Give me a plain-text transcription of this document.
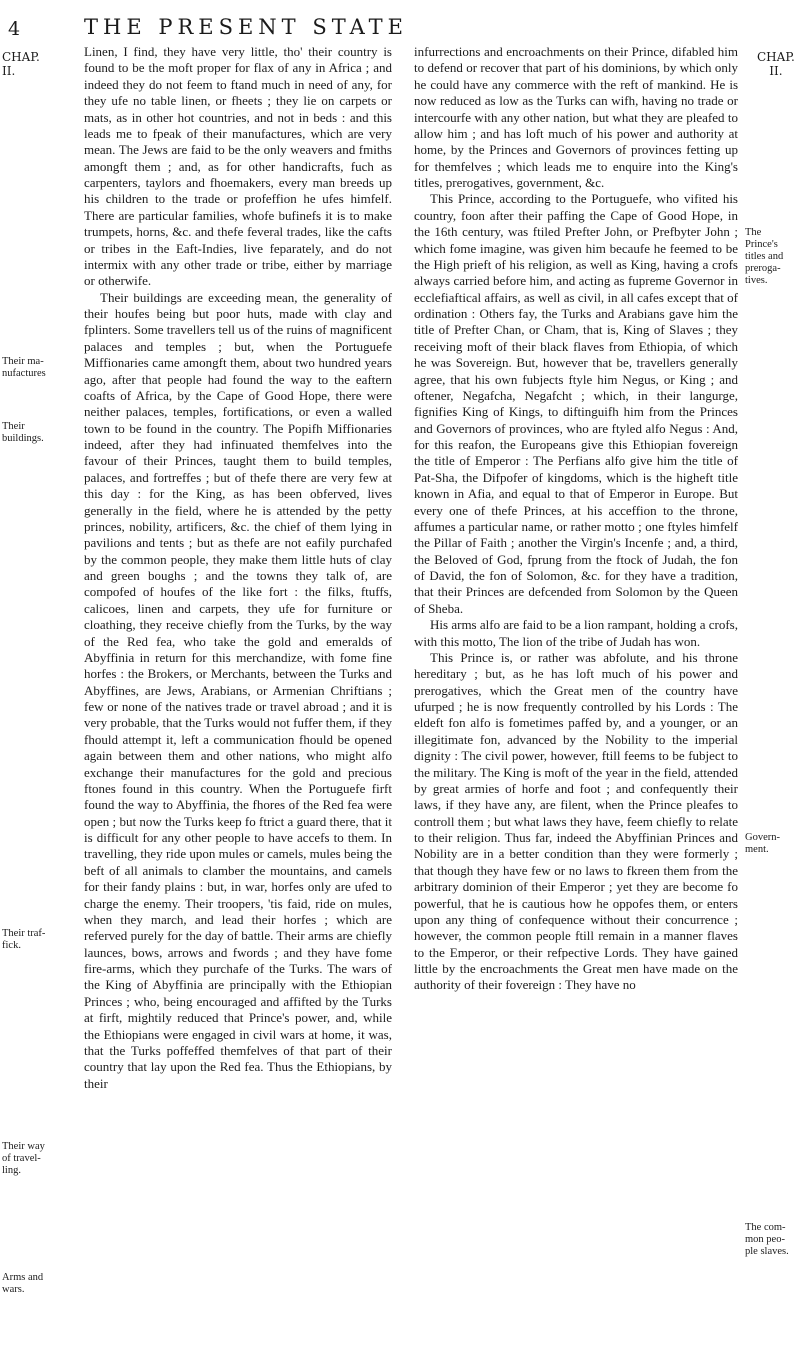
4	THE PRESENT STATE
CHAP.
II.
CHAP.
II.
Their ma-
nufactures
Their
buildings.
Their traf-
fick.
Their way
of travel-
ling.
Arms and
wars.
The
Prince's
titles and
preroga-
tives.
Govern-
ment.
The com-
mon peo-
ple slaves.

Linen, I find, they have very little, tho' their country is found to be the moft proper for flax of any in Africa ; and indeed they do not feem to ftand much in need of any, for they ufe no table linen, or fheets ; they lie on carpets or mats, as in other hot countries, and not in beds : and this leads me to fpeak of their manufactures, which are very mean. The Jews are faid to be the only weavers and fmiths amongft them ; and, as for other handicrafts, fuch as carpenters, taylors and fhoemakers, every man breeds up his children to the trade or profeffion he ufes himfelf. There are particular families, whofe bufinefs it is to make trumpets, horns, &c. and thefe feveral trades, like the cafts or tribes in the Eaft-Indies, live feparately, and do not intermix with any other trade or tribe, either by marriage or otherwife.

Their buildings are exceeding mean, the generality of their houfes being but poor huts, made with clay and fplinters. Some travellers tell us of the ruins of magnificent palaces and temples ; but, when the Portuguefe Miffionaries came amongft them, about two hundred years ago, after that people had found the way to the eaftern coafts of Africa, by the Cape of Good Hope, there were neither palaces, temples, fortifications, or even a walled town to be found in the country. The Popifh Miffionaries indeed, after they had infinuated themfelves into the favour of their Princes, taught them to build temples, palaces, and fortreffes ; but of thefe there are very few at this day : for the King, as has been obferved, lives generally in the field, where he is attended by the petty princes, nobility, artificers, &c. the chief of them lying in pavilions and tents ; but as thefe are not eafily purchafed by the common people, they make them little huts of clay and green boughs ; and the towns they talk of, are compofed of houfes of the like fort : the filks, ftuffs, calicoes, linen and carpets, they ufe for furniture or cloathing, they receive chiefly from the Turks, by the way of the Red fea, who take the gold and emeralds of Abyffinia in return for this merchandize, with fome fine horfes : the Brokers, or Merchants, between the Turks and Abyffines, are Jews, Arabians, or Armenian Chriftians ; few or none of the natives trade or travel abroad ; and it is very probable, that the Turks would not fuffer them, if they fhould attempt it, left a communication fhould be opened again between them and other nations, who might alfo exchange their manufactures for the gold and precious ftones found in this country. When the Portuguefe firft found the way to Abyffinia, the fhores of the Red fea were open ; but now the Turks keep fo ftrict a guard there, that it is difficult for any other people to have accefs to them. In travelling, they ride upon mules or camels, mules being the beft of all animals to clamber the mountains, and camels for their fandy plains : but, in war, horfes only are ufed to charge the enemy. Their troopers, 'tis faid, ride on mules, when they march, and lead their horfes ; which are referved purely for the day of battle. Their arms are chiefly launces, bows, arrows and fwords ; and they have fome fire-arms, which they purchafe of the Turks. The wars of the King of Abyffinia are principally with the Ethiopian Princes ; who, being encouraged and affifted by the Turks at firft, mightily reduced that Prince's power, and, while the Ethiopians were engaged in civil wars at home, it was, that the Turks poffeffed themfelves of that part of their country that lay upon the Red fea. Thus the Ethiopians, by their

infurrections and encroachments on their Prince, difabled him to defend or recover that part of his dominions, by which only he could have any commerce with the reft of mankind. He is now reduced as low as the Turks can wifh, having no trade or intercourfe with any other nation, but what they are pleafed to allow him ; and has loft much of his power and authority at home, by the Princes and Governors of provinces fetting up for themfelves ; which leads me to enquire into the King's titles, prerogatives, government, &c.

This Prince, according to the Portuguefe, who vifited his country, foon after their paffing the Cape of Good Hope, in the 16th century, was ftiled Prefter John, or Prefbyter John ; which fome imagine, was given him becaufe he feemed to be the High prieft of his religion, as well as King, having a crofs always carried before him, and acting as fupreme Governor in ecclefiaftical affairs, as well as civil, in all cafes except that of ordination : Others fay, the Turks and Arabians gave him the title of Prefter Chan, or Cham, that is, King of Slaves ; they receiving moft of their black flaves from Ethiopia, of which he was Sovereign. But, however that be, travellers generally agree, that his own fubjects ftyle him Negus, or King ; and oftener, Negafcha, Negafcht ; which, in their langurge, fignifies King of Kings, to diftinguifh him from the Princes and Governors of provinces, who are ftyled alfo Negus : And, for this reafon, the Europeans give this Ethiopian fovereign the title of Emperor : The Perfians alfo give him the title of Pat-Sha, the Difpofer of kingdoms, which is the higheft title known in Afia, and equal to that of Emperor in Europe. But every one of thefe Princes, at his acceffion to the throne, affumes a particular name, or rather motto ; one ftyles himfelf the Pillar of Faith ; another the Virgin's Incenfe ; and, a third, the Beloved of God, fprung from the ftock of Judah, the fon of David, the fon of Solomon, &c. for they have a tradition, that their Princes are defcended from Solomon by the Queen of Sheba.

His arms alfo are faid to be a lion rampant, holding a crofs, with this motto, The lion of the tribe of Judah has won.

This Prince is, or rather was abfolute, and his throne hereditary ; but, as he has loft much of his power and prerogatives, which the Great men of the country have ufurped ; he is now frequently controlled by his Lords : The eldeft fon alfo is fometimes paffed by, and a younger, or an illegitimate fon, advanced by the Nobility to the imperial dignity : The civil power, however, ftill feems to be fubject to the military. The King is moft of the year in the field, attended by great armies of horfe and foot ; and confequently their laws, if they have any, are filent, when the Prince pleafes to controll them ; but what laws they have, feem chiefly to relate to their religion. Thus far, indeed the Abyffinian Princes and Nobility are in a better condition than they were formerly ; that though they have few or no laws to fkreen them from the arbitrary dominion of their Emperor ; yet they are become fo powerful, that he is cautious how he oppofes them, or enters upon any thing of confequence without their concurrence ; however, the common people ftill remain in a manner flaves to the Emperor, or their refpective Lords. They have gained little by the encroachments the Great men have made on the authority of their fovereign : They have no
